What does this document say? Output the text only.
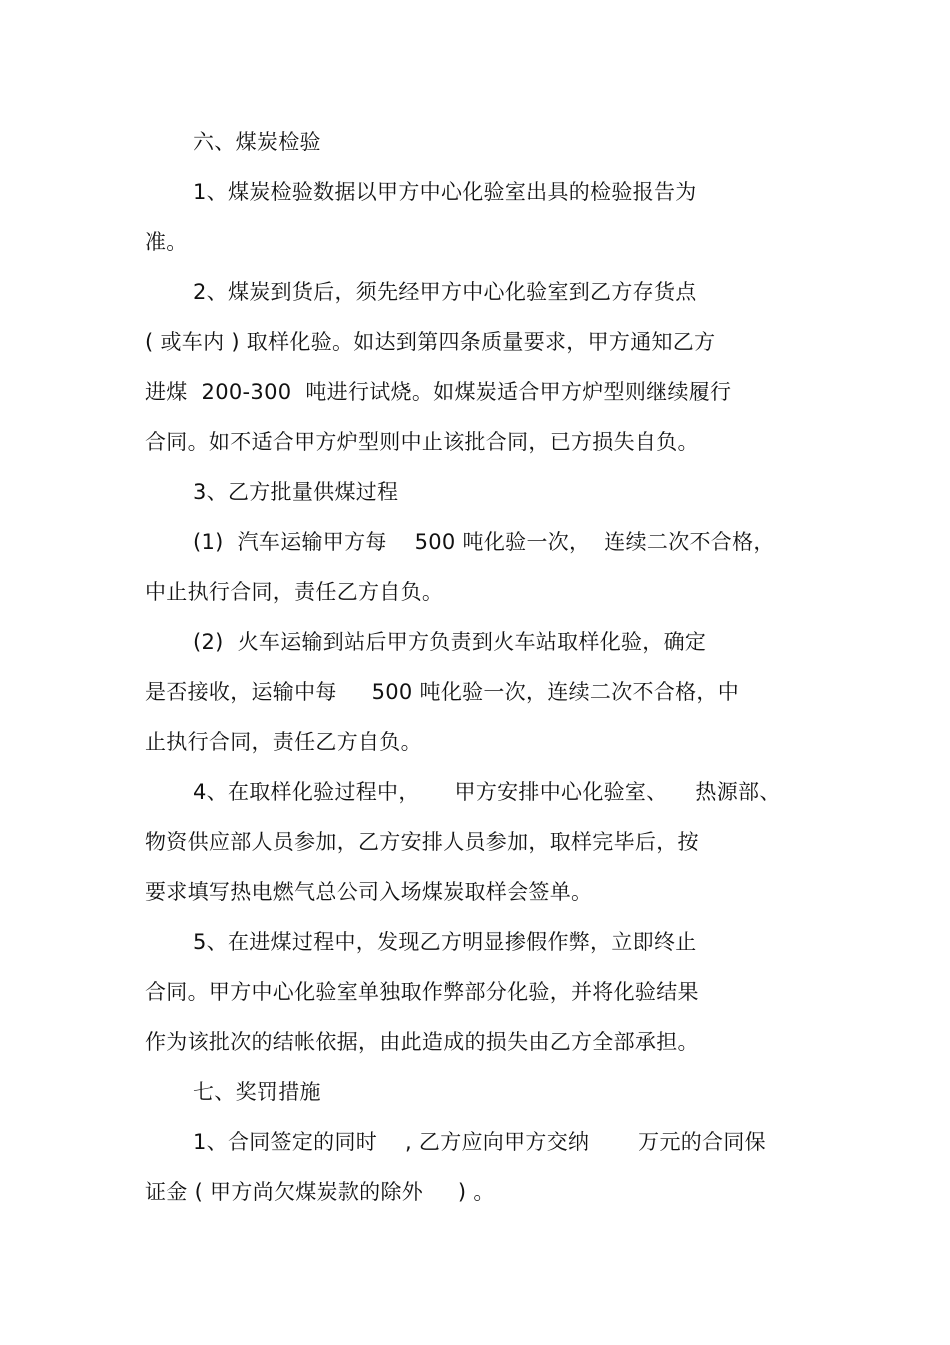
六、煤炭检验
1、煤炭检验数据以甲方中心化验室出具的检验报告为
准。
2、煤炭到货后，须先经甲方中心化验室到乙方存货点
( 或车内 ) 取样化验。如达到第四条质量要求，甲方通知乙方
进煤  200-300  吨进行试烧。如煤炭适合甲方炉型则继续履行
合同。如不适合甲方炉型则中止该批合同，已方损失自负。
3、乙方批量供煤过程
(1)  汽车运输甲方每    500 吨化验一次，  连续二次不合格，
中止执行合同，责任乙方自负。
(2)  火车运输到站后甲方负责到火车站取样化验，确定
是否接收，运输中每     500 吨化验一次，连续二次不合格，中
止执行合同，责任乙方自负。
4、在取样化验过程中，     甲方安排中心化验室、    热源部、
物资供应部人员参加，乙方安排人员参加，取样完毕后，按
要求填写热电燃气总公司入场煤炭取样会签单。
5、在进煤过程中，发现乙方明显掺假作弊，立即终止
合同。甲方中心化验室单独取作弊部分化验，并将化验结果
作为该批次的结帐依据，由此造成的损失由乙方全部承担。
七、奖罚措施
1、合同签定的同时    , 乙方应向甲方交纳       万元的合同保
证金 ( 甲方尚欠煤炭款的除外     ) 。
